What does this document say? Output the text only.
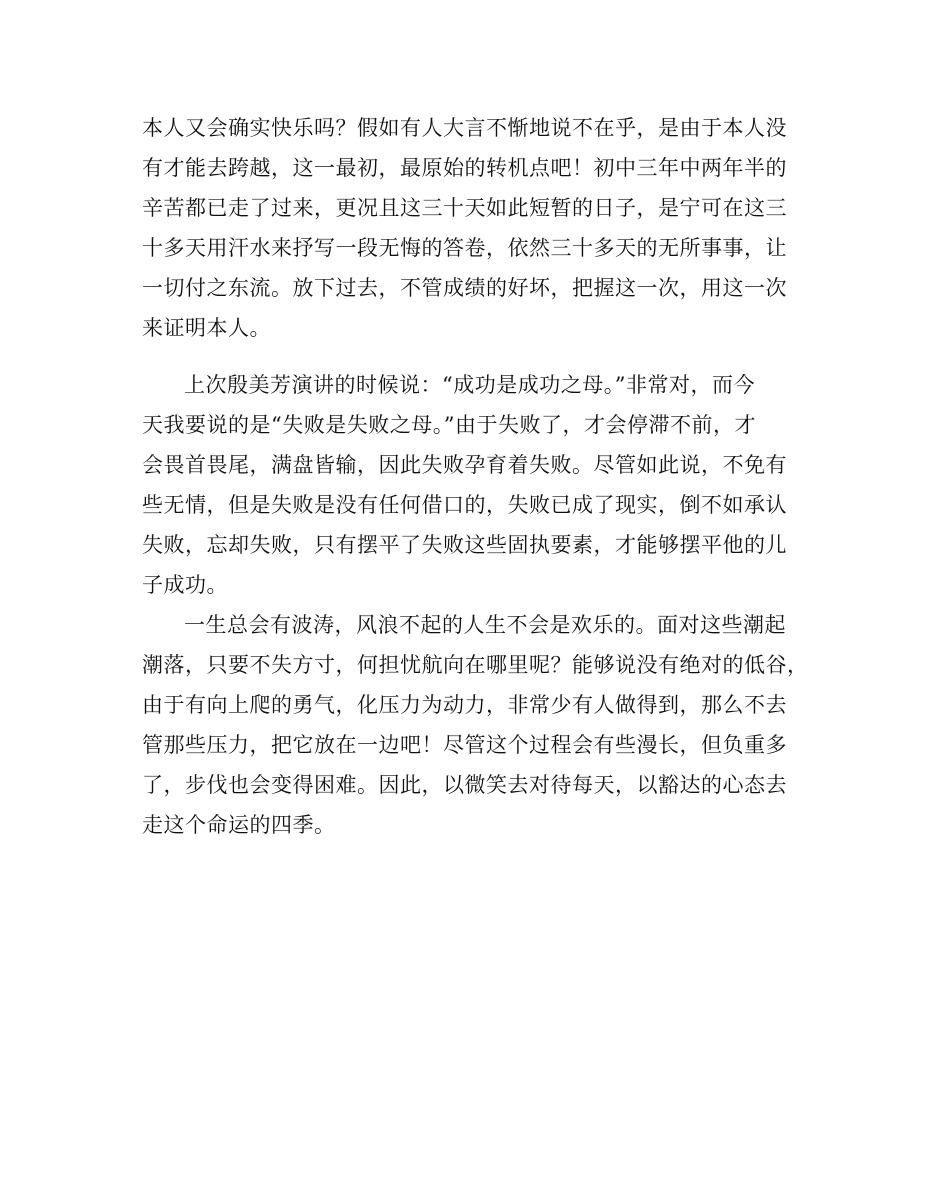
本人又会确实快乐吗？假如有人大言不惭地说不在乎，是由于本人没
有才能去跨越，这一最初，最原始的转机点吧！初中三年中两年半的
辛苦都已走了过来，更况且这三十天如此短暂的日子，是宁可在这三
十多天用汗水来抒写一段无悔的答卷，依然三十多天的无所事事，让
一切付之东流。放下过去，不管成绩的好坏，把握这一次，用这一次
来证明本人。
上次殷美芳演讲的时候说：“成功是成功之母。”非常对，而今
天我要说的是“失败是失败之母。”由于失败了，才会停滞不前，才
会畏首畏尾，满盘皆输，因此失败孕育着失败。尽管如此说，不免有
些无情，但是失败是没有任何借口的，失败已成了现实，倒不如承认
失败，忘却失败，只有摆平了失败这些固执要素，才能够摆平他的儿
子成功。
一生总会有波涛，风浪不起的人生不会是欢乐的。面对这些潮起
潮落，只要不失方寸，何担忧航向在哪里呢？能够说没有绝对的低谷，
由于有向上爬的勇气，化压力为动力，非常少有人做得到，那么不去
管那些压力，把它放在一边吧！尽管这个过程会有些漫长，但负重多
了，步伐也会变得困难。因此，以微笑去对待每天，以豁达的心态去
走这个命运的四季。
